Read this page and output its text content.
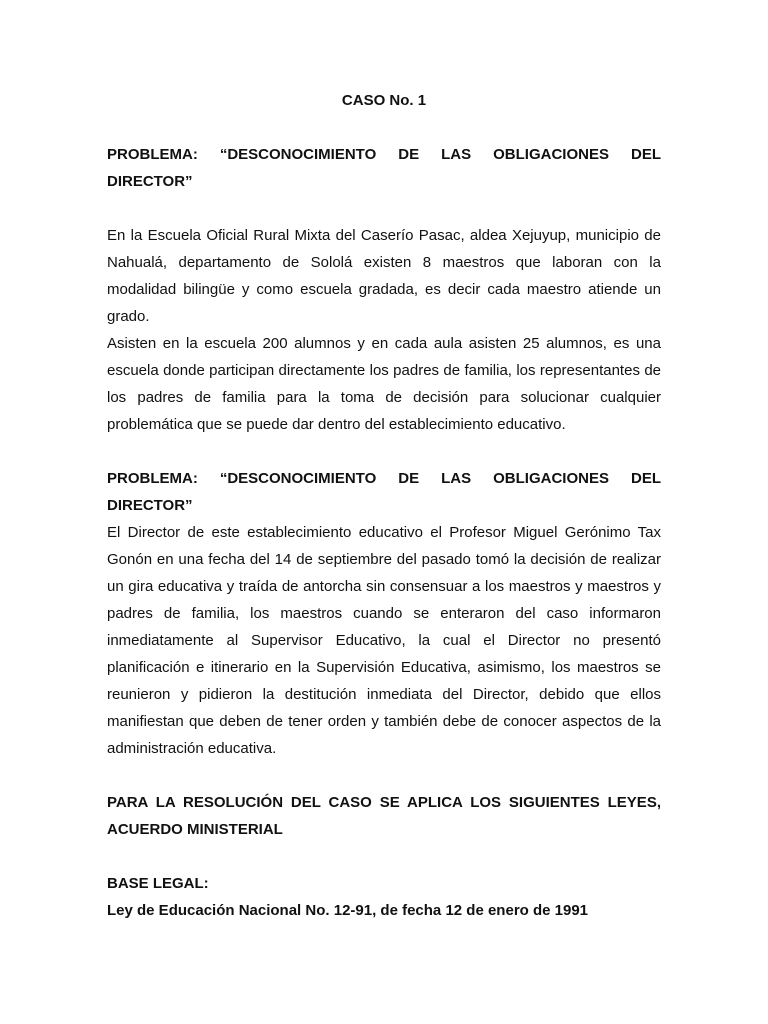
CASO No. 1

PROBLEMA: “DESCONOCIMIENTO DE LAS OBLIGACIONES DEL DIRECTOR”

En la Escuela Oficial Rural Mixta del Caserío Pasac, aldea Xejuyup, municipio de Nahualá, departamento de Sololá existen 8 maestros que laboran con la modalidad bilingüe y como escuela gradada, es decir cada maestro atiende un grado.

Asisten en la escuela 200 alumnos y en cada aula asisten 25 alumnos, es una escuela donde participan directamente los padres de familia, los representantes de los padres de familia para la toma de decisión para solucionar cualquier problemática que se puede dar dentro del establecimiento educativo.

PROBLEMA: “DESCONOCIMIENTO DE LAS OBLIGACIONES DEL DIRECTOR”

El Director de este establecimiento educativo el Profesor Miguel Gerónimo Tax Gonón en una fecha del 14 de septiembre del pasado tomó la decisión de realizar un gira educativa y traída de antorcha sin consensuar a los maestros y maestros y padres de familia, los maestros cuando se enteraron del caso informaron inmediatamente al Supervisor Educativo, la cual el Director no presentó planificación e itinerario en la Supervisión Educativa, asimismo, los maestros se reunieron y pidieron la destitución inmediata del Director, debido que ellos manifiestan que deben de tener orden y también debe de conocer aspectos de la administración educativa.

PARA LA RESOLUCIÓN DEL CASO SE APLICA LOS SIGUIENTES LEYES, ACUERDO MINISTERIAL

BASE LEGAL:

Ley de Educación Nacional No. 12-91, de fecha 12 de enero de 1991
